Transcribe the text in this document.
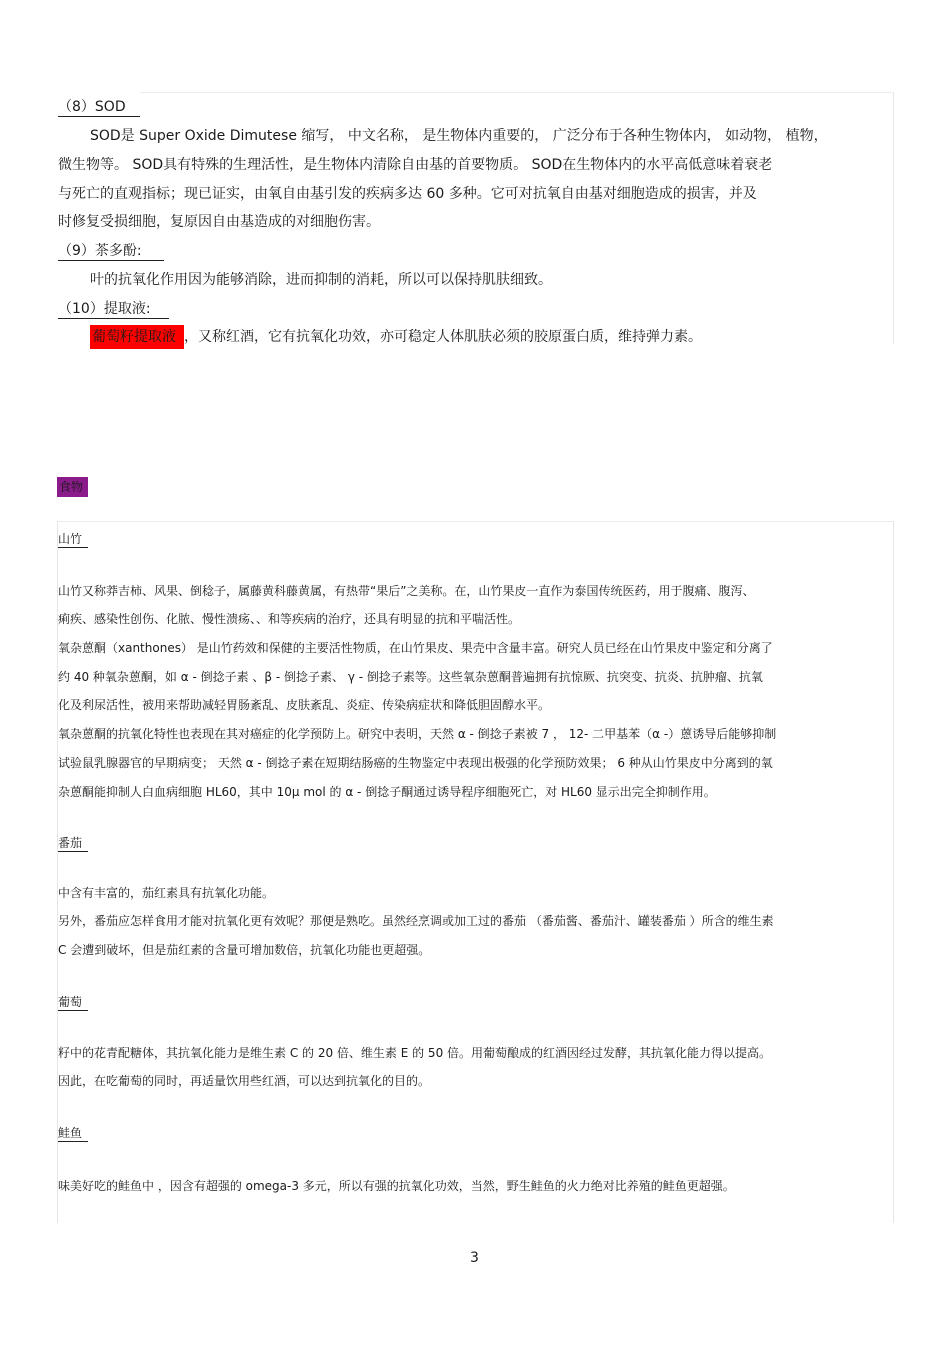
（8）SOD
SOD是 Super Oxide Dimutese 缩写， 中文名称， 是生物体内重要的， 广泛分布于各种生物体内， 如动物， 植物，
微生物等。 SOD具有特殊的生理活性，是生物体内清除自由基的首要物质。 SOD在生物体内的水平高低意味着衰老
与死亡的直观指标；现已证实，由氧自由基引发的疾病多达 60 多种。它可对抗氧自由基对细胞造成的损害，并及
时修复受损细胞，复原因自由基造成的对细胞伤害。
（9）茶多酚:
叶的抗氧化作用因为能够消除，进而抑制的消耗，所以可以保持肌肤细致。
（10）提取液:
葡萄籽提取液 ，又称红酒，它有抗氧化功效，亦可稳定人体肌肤必须的胶原蛋白质，维持弹力素。
食物
山竹
山竹又称莽吉柿、风果、倒稔子，属藤黄科藤黄属，有热带“果后”之美称。在，山竹果皮一直作为泰国传统医药，用于腹痛、腹泻、
痢疾、感染性创伤、化脓、慢性溃疡、、和等疾病的治疗，还具有明显的抗和平喘活性。
氧杂蒽酮（xanthones） 是山竹药效和保健的主要活性物质，在山竹果皮、果壳中含量丰富。研究人员已经在山竹果皮中鉴定和分离了
约 40 种氧杂蒽酮，如 α - 倒捻子素 、β - 倒捻子素、 γ - 倒捻子素等。这些氧杂蒽酮普遍拥有抗惊厥、抗突变、抗炎、抗肿瘤、抗氧
化及利尿活性，被用来帮助减轻胃肠紊乱、皮肤紊乱、炎症、传染病症状和降低胆固醇水平。
氧杂蒽酮的抗氧化特性也表现在其对癌症的化学预防上。研究中表明，天然 α - 倒捻子素被 7 ， 12- 二甲基苯（α -）蒽诱导后能够抑制
试验鼠乳腺器官的早期病变； 天然 α - 倒捻子素在短期结肠癌的生物鉴定中表现出极强的化学预防效果； 6 种从山竹果皮中分离到的氧
杂蒽酮能抑制人白血病细胞 HL60，其中 10μ mol 的 α - 倒捻子酮通过诱导程序细胞死亡，对 HL60 显示出完全抑制作用。
番茄
中含有丰富的，茄红素具有抗氧化功能。
另外，番茄应怎样食用才能对抗氧化更有效呢？那便是熟吃。虽然经烹调或加工过的番茄 （番茄酱、番茄汁、罐装番茄 ）所含的维生素
C 会遭到破坏，但是茄红素的含量可增加数倍，抗氧化功能也更超强。
葡萄
籽中的花青配糖体，其抗氧化能力是维生素 C 的 20 倍、维生素 E 的 50 倍。用葡萄酿成的红酒因经过发酵，其抗氧化能力得以提高。
因此，在吃葡萄的同时，再适量饮用些红酒，可以达到抗氧化的目的。
鲑鱼
味美好吃的鲑鱼中 ，因含有超强的 omega-3 多元，所以有强的抗氧化功效，当然，野生鲑鱼的火力绝对比养殖的鲑鱼更超强。
3
